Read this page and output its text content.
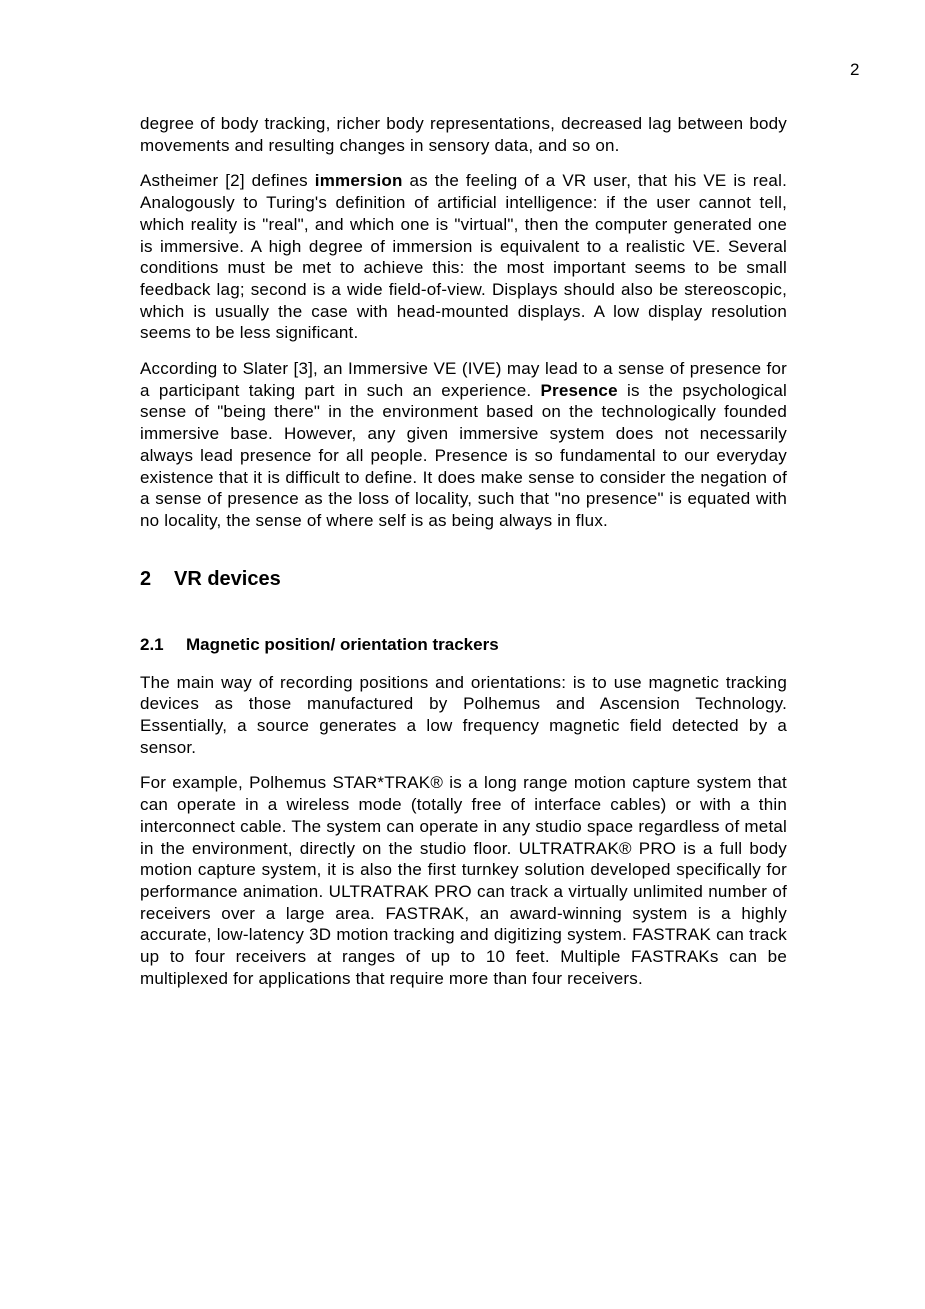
2

degree of body tracking, richer body representations, decreased lag between body movements and resulting changes in sensory data, and so on.

Astheimer [2] defines immersion as the feeling of a VR user, that his VE is real. Analogously to Turing's definition of artificial intelligence: if the user cannot tell, which reality is "real", and which one is "virtual", then the computer generated one is immersive. A high degree of immersion is equivalent to a realistic VE. Several conditions must be met to achieve this: the most important seems to be small feedback lag; second is a wide field-of-view. Displays should also be stereoscopic, which is usually the case with head-mounted displays. A low display resolution seems to be less significant.

According to Slater [3], an Immersive VE (IVE) may lead to a sense of presence for a participant taking part in such an experience. Presence is the psychological sense of "being there" in the environment based on the technologically founded immersive base. However, any given immersive system does not necessarily always lead presence for all people. Presence is so fundamental to our everyday existence that it is difficult to define. It does make sense to consider the negation of a sense of presence as the loss of locality, such that "no presence" is equated with no locality, the sense of where self is as being always in flux.

2 VR devices
2.1 Magnetic position/ orientation trackers

The main way of recording positions and orientations: is to use magnetic tracking devices as those manufactured by Polhemus and Ascension Technology. Essentially, a source generates a low frequency magnetic field detected by a sensor.

For example, Polhemus STAR*TRAK® is a long range motion capture system that can operate in a wireless mode (totally free of interface cables) or with a thin interconnect cable. The system can operate in any studio space regardless of metal in the environment, directly on the studio floor. ULTRATRAK® PRO is a full body motion capture system, it is also the first turnkey solution developed specifically for performance animation. ULTRATRAK PRO can track a virtually unlimited number of receivers over a large area. FASTRAK, an award-winning system is a highly accurate, low-latency 3D motion tracking and digitizing system. FASTRAK can track up to four receivers at ranges of up to 10 feet. Multiple FASTRAKs can be multiplexed for applications that require more than four receivers.
